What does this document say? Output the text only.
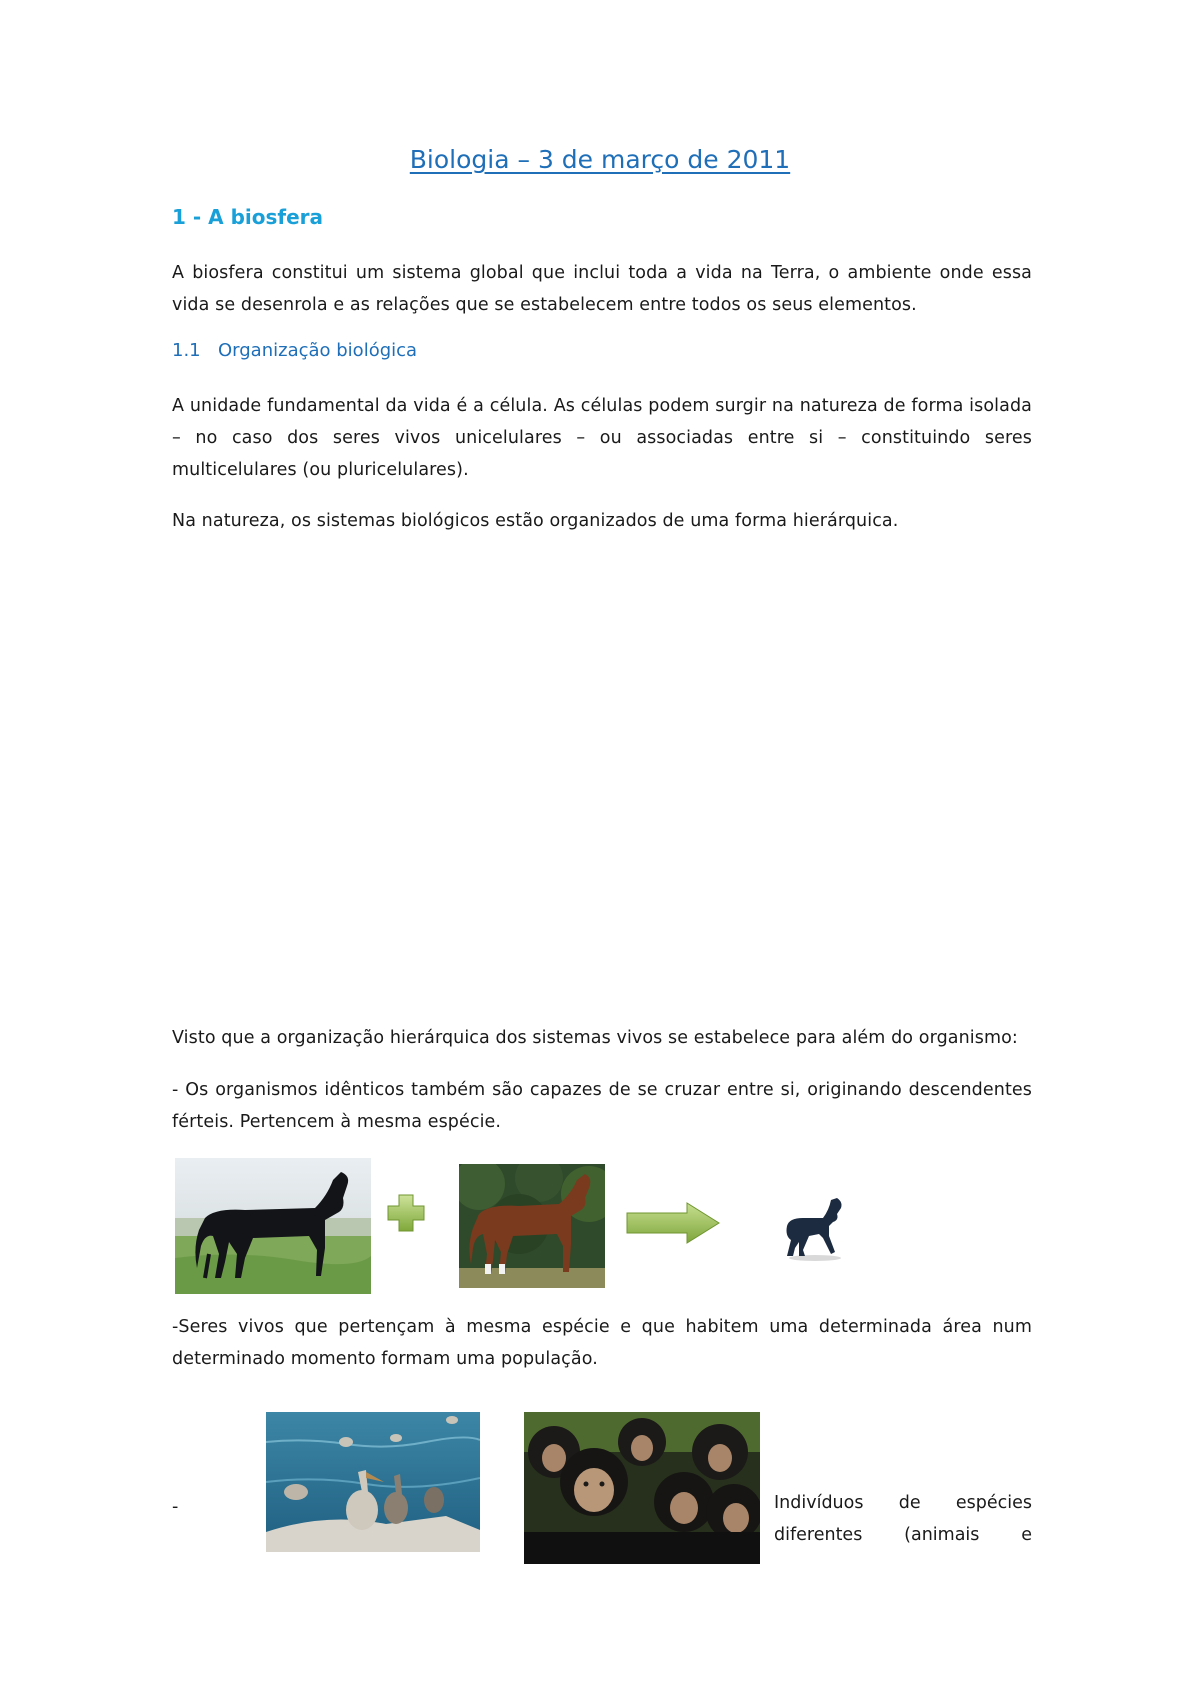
Biologia – 3 de março de 2011
1 - A biosfera
A biosfera constitui um sistema global que inclui toda a vida na Terra, o ambiente onde essa vida se desenrola e as relações que se estabelecem entre todos os seus elementos.
1.1 Organização biológica
A unidade fundamental da vida é a célula. As células podem surgir na natureza de forma isolada – no caso dos seres vivos unicelulares – ou associadas entre si – constituindo seres multicelulares (ou pluricelulares).
Na natureza, os sistemas biológicos estão organizados de uma forma hierárquica.
Visto que a organização hierárquica dos sistemas vivos se estabelece para além do organismo:
- Os organismos idênticos também são capazes de se cruzar entre si, originando descendentes férteis. Pertencem à mesma espécie.
-Seres vivos que pertençam à mesma espécie e que habitem uma determinada área num determinado momento formam uma população.
-	Indivíduos de espécies
diferentes (animais e
